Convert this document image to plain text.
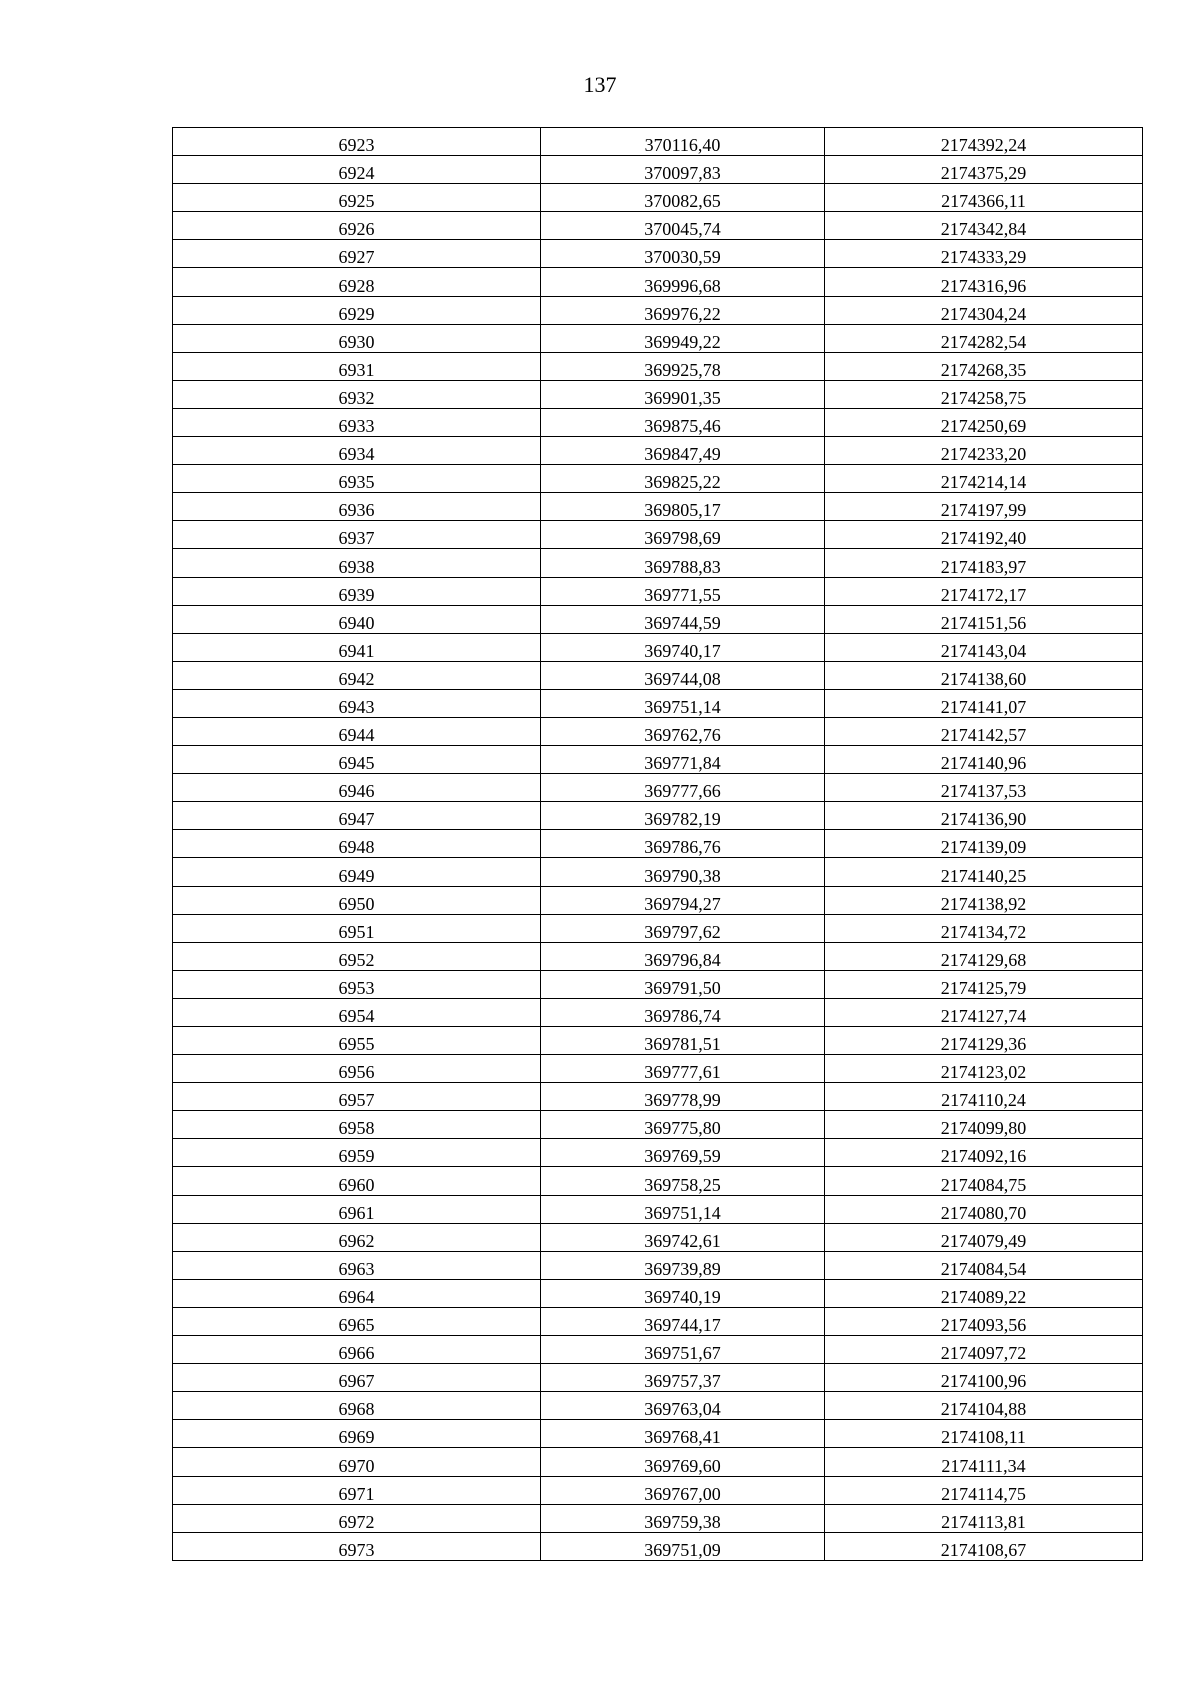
137
6923	370116,40	2174392,24
6924	370097,83	2174375,29
6925	370082,65	2174366,11
6926	370045,74	2174342,84
6927	370030,59	2174333,29
6928	369996,68	2174316,96
6929	369976,22	2174304,24
6930	369949,22	2174282,54
6931	369925,78	2174268,35
6932	369901,35	2174258,75
6933	369875,46	2174250,69
6934	369847,49	2174233,20
6935	369825,22	2174214,14
6936	369805,17	2174197,99
6937	369798,69	2174192,40
6938	369788,83	2174183,97
6939	369771,55	2174172,17
6940	369744,59	2174151,56
6941	369740,17	2174143,04
6942	369744,08	2174138,60
6943	369751,14	2174141,07
6944	369762,76	2174142,57
6945	369771,84	2174140,96
6946	369777,66	2174137,53
6947	369782,19	2174136,90
6948	369786,76	2174139,09
6949	369790,38	2174140,25
6950	369794,27	2174138,92
6951	369797,62	2174134,72
6952	369796,84	2174129,68
6953	369791,50	2174125,79
6954	369786,74	2174127,74
6955	369781,51	2174129,36
6956	369777,61	2174123,02
6957	369778,99	2174110,24
6958	369775,80	2174099,80
6959	369769,59	2174092,16
6960	369758,25	2174084,75
6961	369751,14	2174080,70
6962	369742,61	2174079,49
6963	369739,89	2174084,54
6964	369740,19	2174089,22
6965	369744,17	2174093,56
6966	369751,67	2174097,72
6967	369757,37	2174100,96
6968	369763,04	2174104,88
6969	369768,41	2174108,11
6970	369769,60	2174111,34
6971	369767,00	2174114,75
6972	369759,38	2174113,81
6973	369751,09	2174108,67
